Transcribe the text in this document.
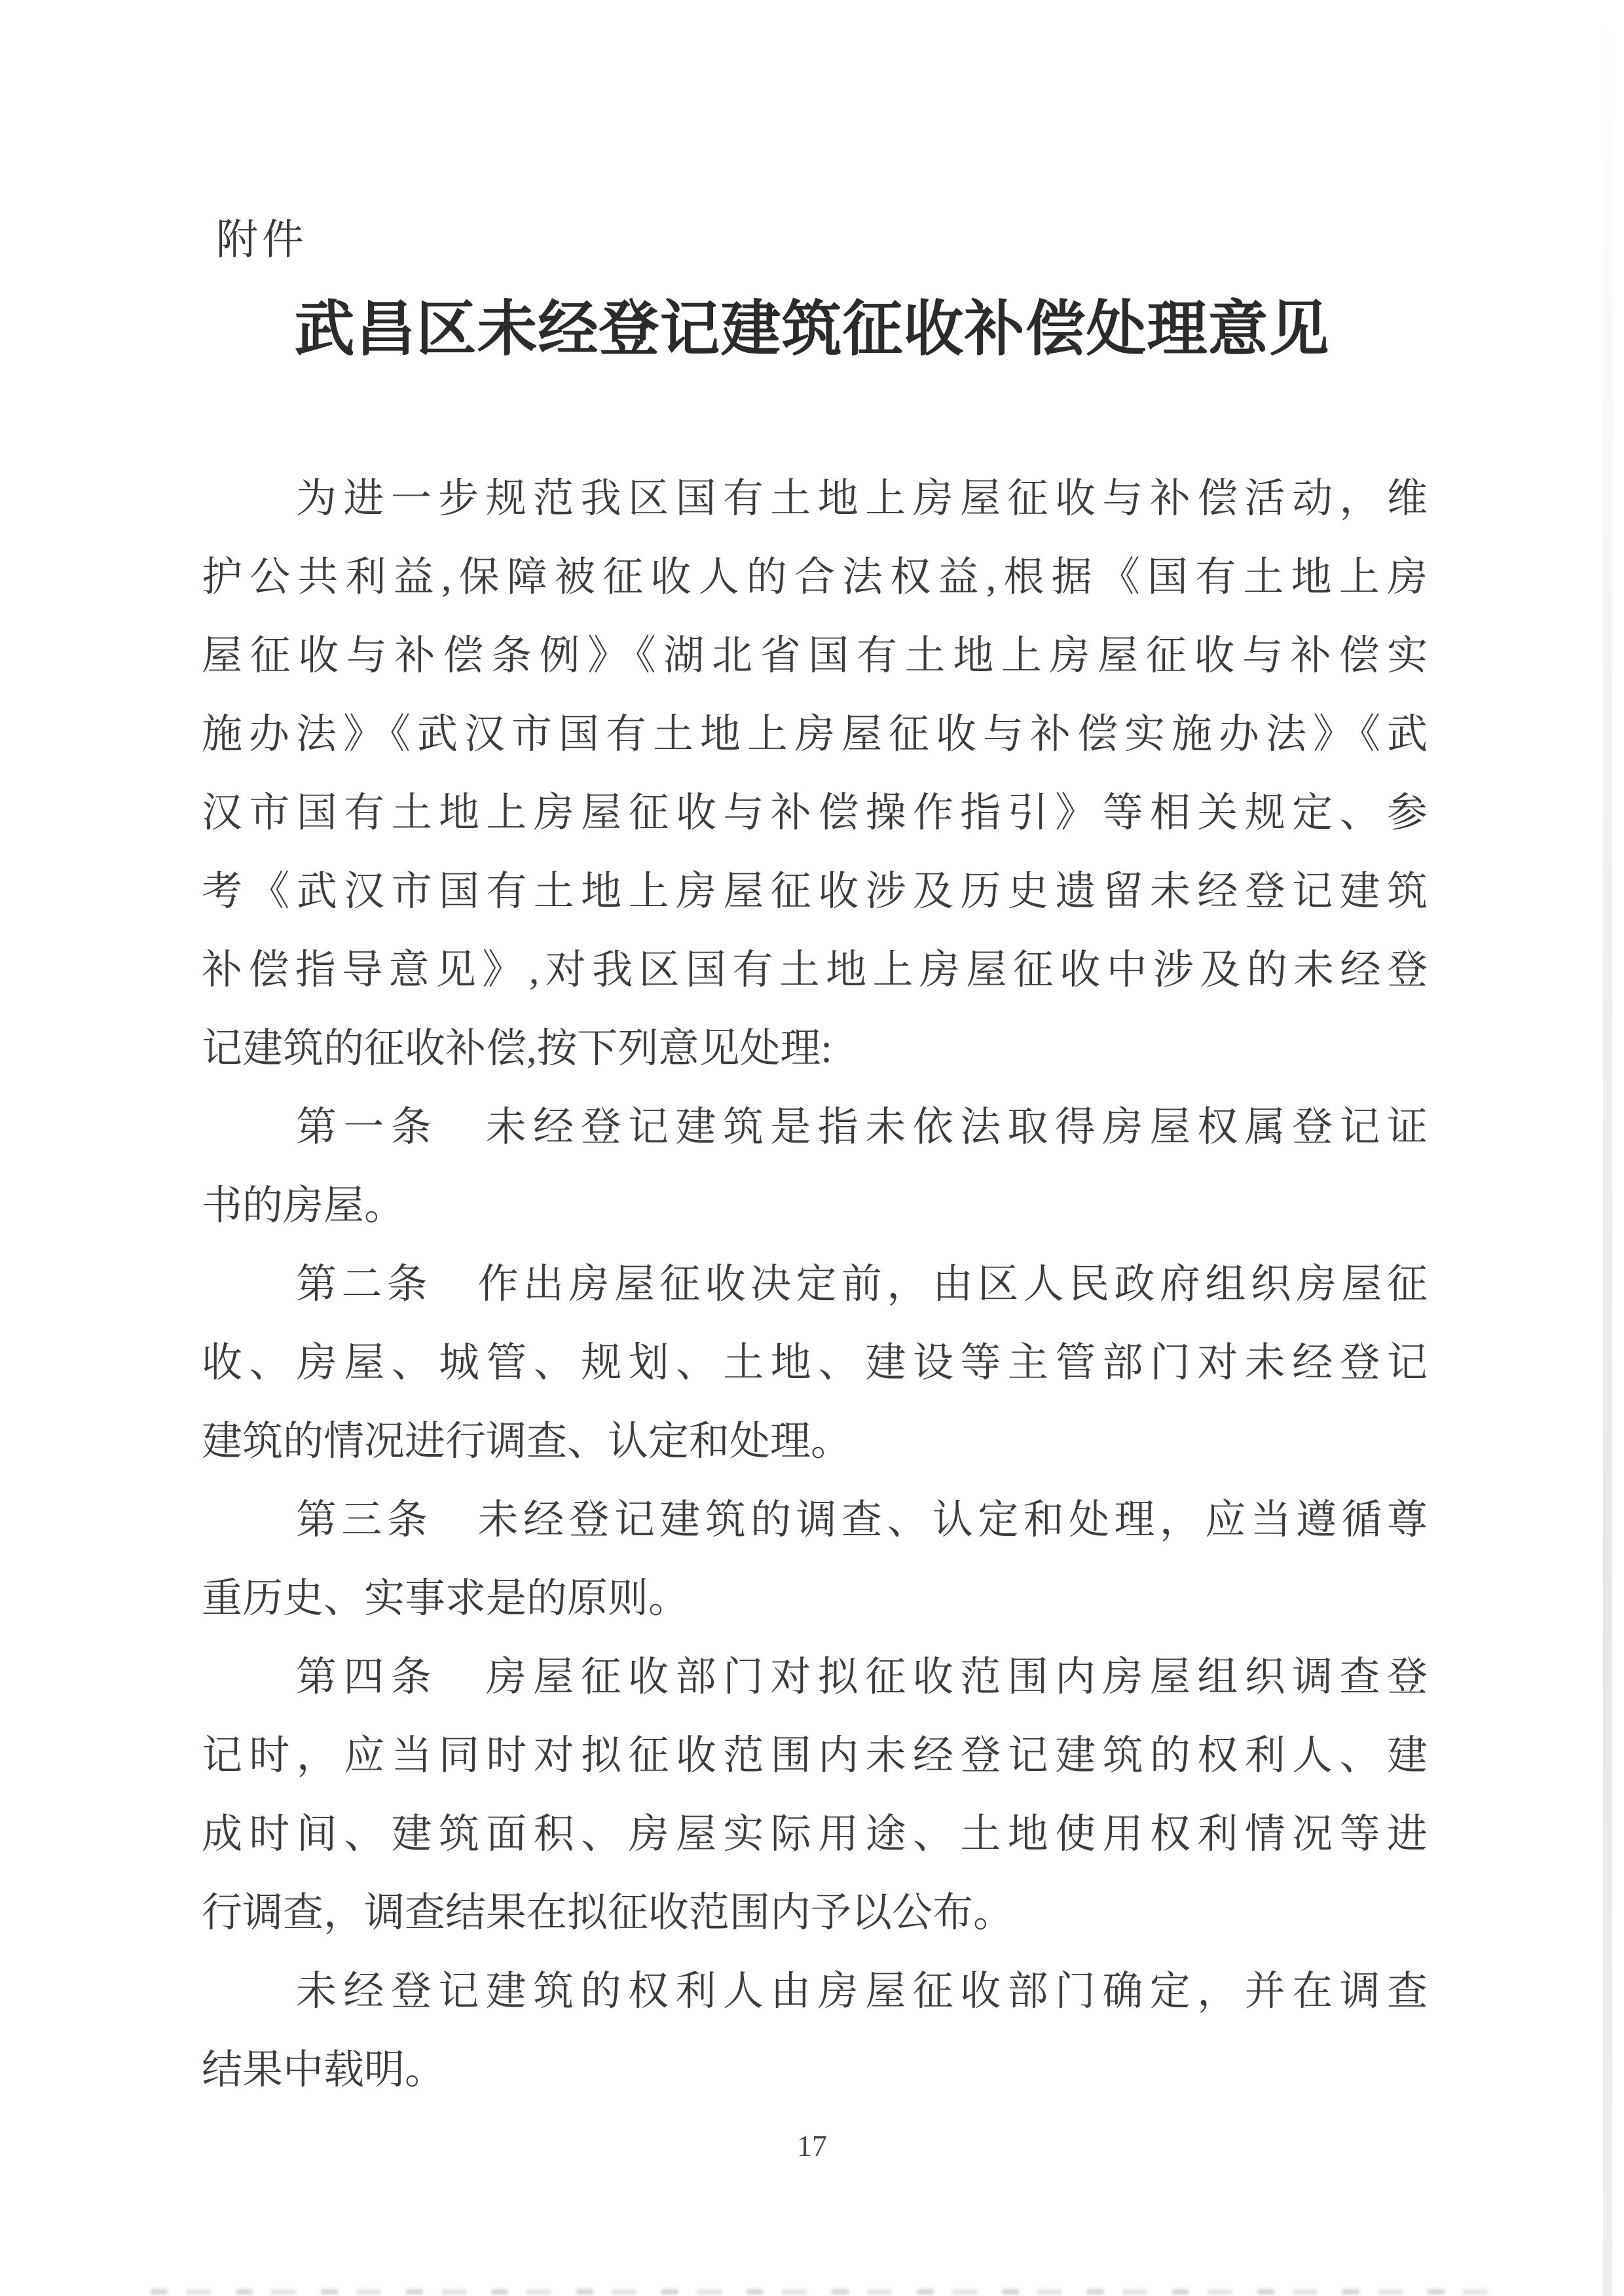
附件
武昌区未经登记建筑征收补偿处理意见
为进一步规范我区国有土地上房屋征收与补偿活动，维
护公共利益,保障被征收人的合法权益,根据《国有土地上房
屋征收与补偿条例》《湖北省国有土地上房屋征收与补偿实
施办法》《武汉市国有土地上房屋征收与补偿实施办法》《武
汉市国有土地上房屋征收与补偿操作指引》等相关规定、参
考《武汉市国有土地上房屋征收涉及历史遗留未经登记建筑
补偿指导意见》,对我区国有土地上房屋征收中涉及的未经登
记建筑的征收补偿,按下列意见处理:
第一条　未经登记建筑是指未依法取得房屋权属登记证
书的房屋。
第二条　作出房屋征收决定前，由区人民政府组织房屋征
收、房屋、城管、规划、土地、建设等主管部门对未经登记
建筑的情况进行调查、认定和处理。
第三条　未经登记建筑的调查、认定和处理，应当遵循尊
重历史、实事求是的原则。
第四条　房屋征收部门对拟征收范围内房屋组织调查登
记时，应当同时对拟征收范围内未经登记建筑的权利人、建
成时间、建筑面积、房屋实际用途、土地使用权利情况等进
行调查，调查结果在拟征收范围内予以公布。
未经登记建筑的权利人由房屋征收部门确定，并在调查
结果中载明。
17
